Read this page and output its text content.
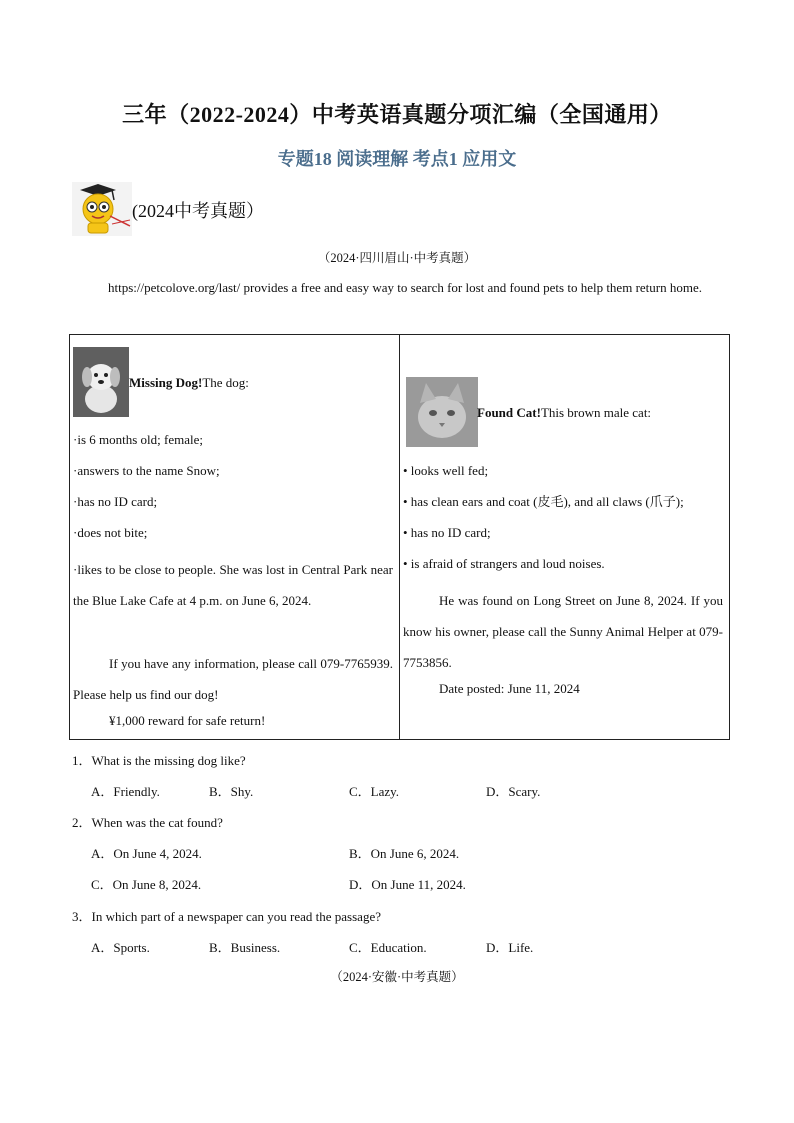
三年（2022-2024）中考英语真题分项汇编（全国通用）
专题18 阅读理解 考点1 应用文
(2024中考真题）
（2024·四川眉山·中考真题）
https://petcolove.org/last/ provides a free and easy way to search for lost and found pets to help them return home.
Missing Dog!The dog:
·is 6 months old; female;
·answers to the name Snow;
·has no ID card;
·does not bite;
·likes to be close to people. She was lost in Central Park near the Blue Lake Cafe at 4 p.m. on June 6, 2024.
If you have any information, please call 079-7765939. Please help us find our dog!
¥1,000 reward for safe return!

Found Cat!This brown male cat:
• looks well fed;
• has clean ears and coat (皮毛), and all claws (爪子);
• has no ID card;
• is afraid of strangers and loud noises.
He was found on Long Street on June 8, 2024. If you know his owner, please call the Sunny Animal Helper at 079-7753856.
Date posted: June 11, 2024
1．What is the missing dog like?
A．Friendly.	B．Shy.	C．Lazy.	D．Scary.
2．When was the cat found?
A．On June 4, 2024.	B．On June 6, 2024.
C．On June 8, 2024.	D．On June 11, 2024.
3．In which part of a newspaper can you read the passage?
A．Sports.	B．Business.	C．Education.	D．Life.
（2024·安徽·中考真题）
